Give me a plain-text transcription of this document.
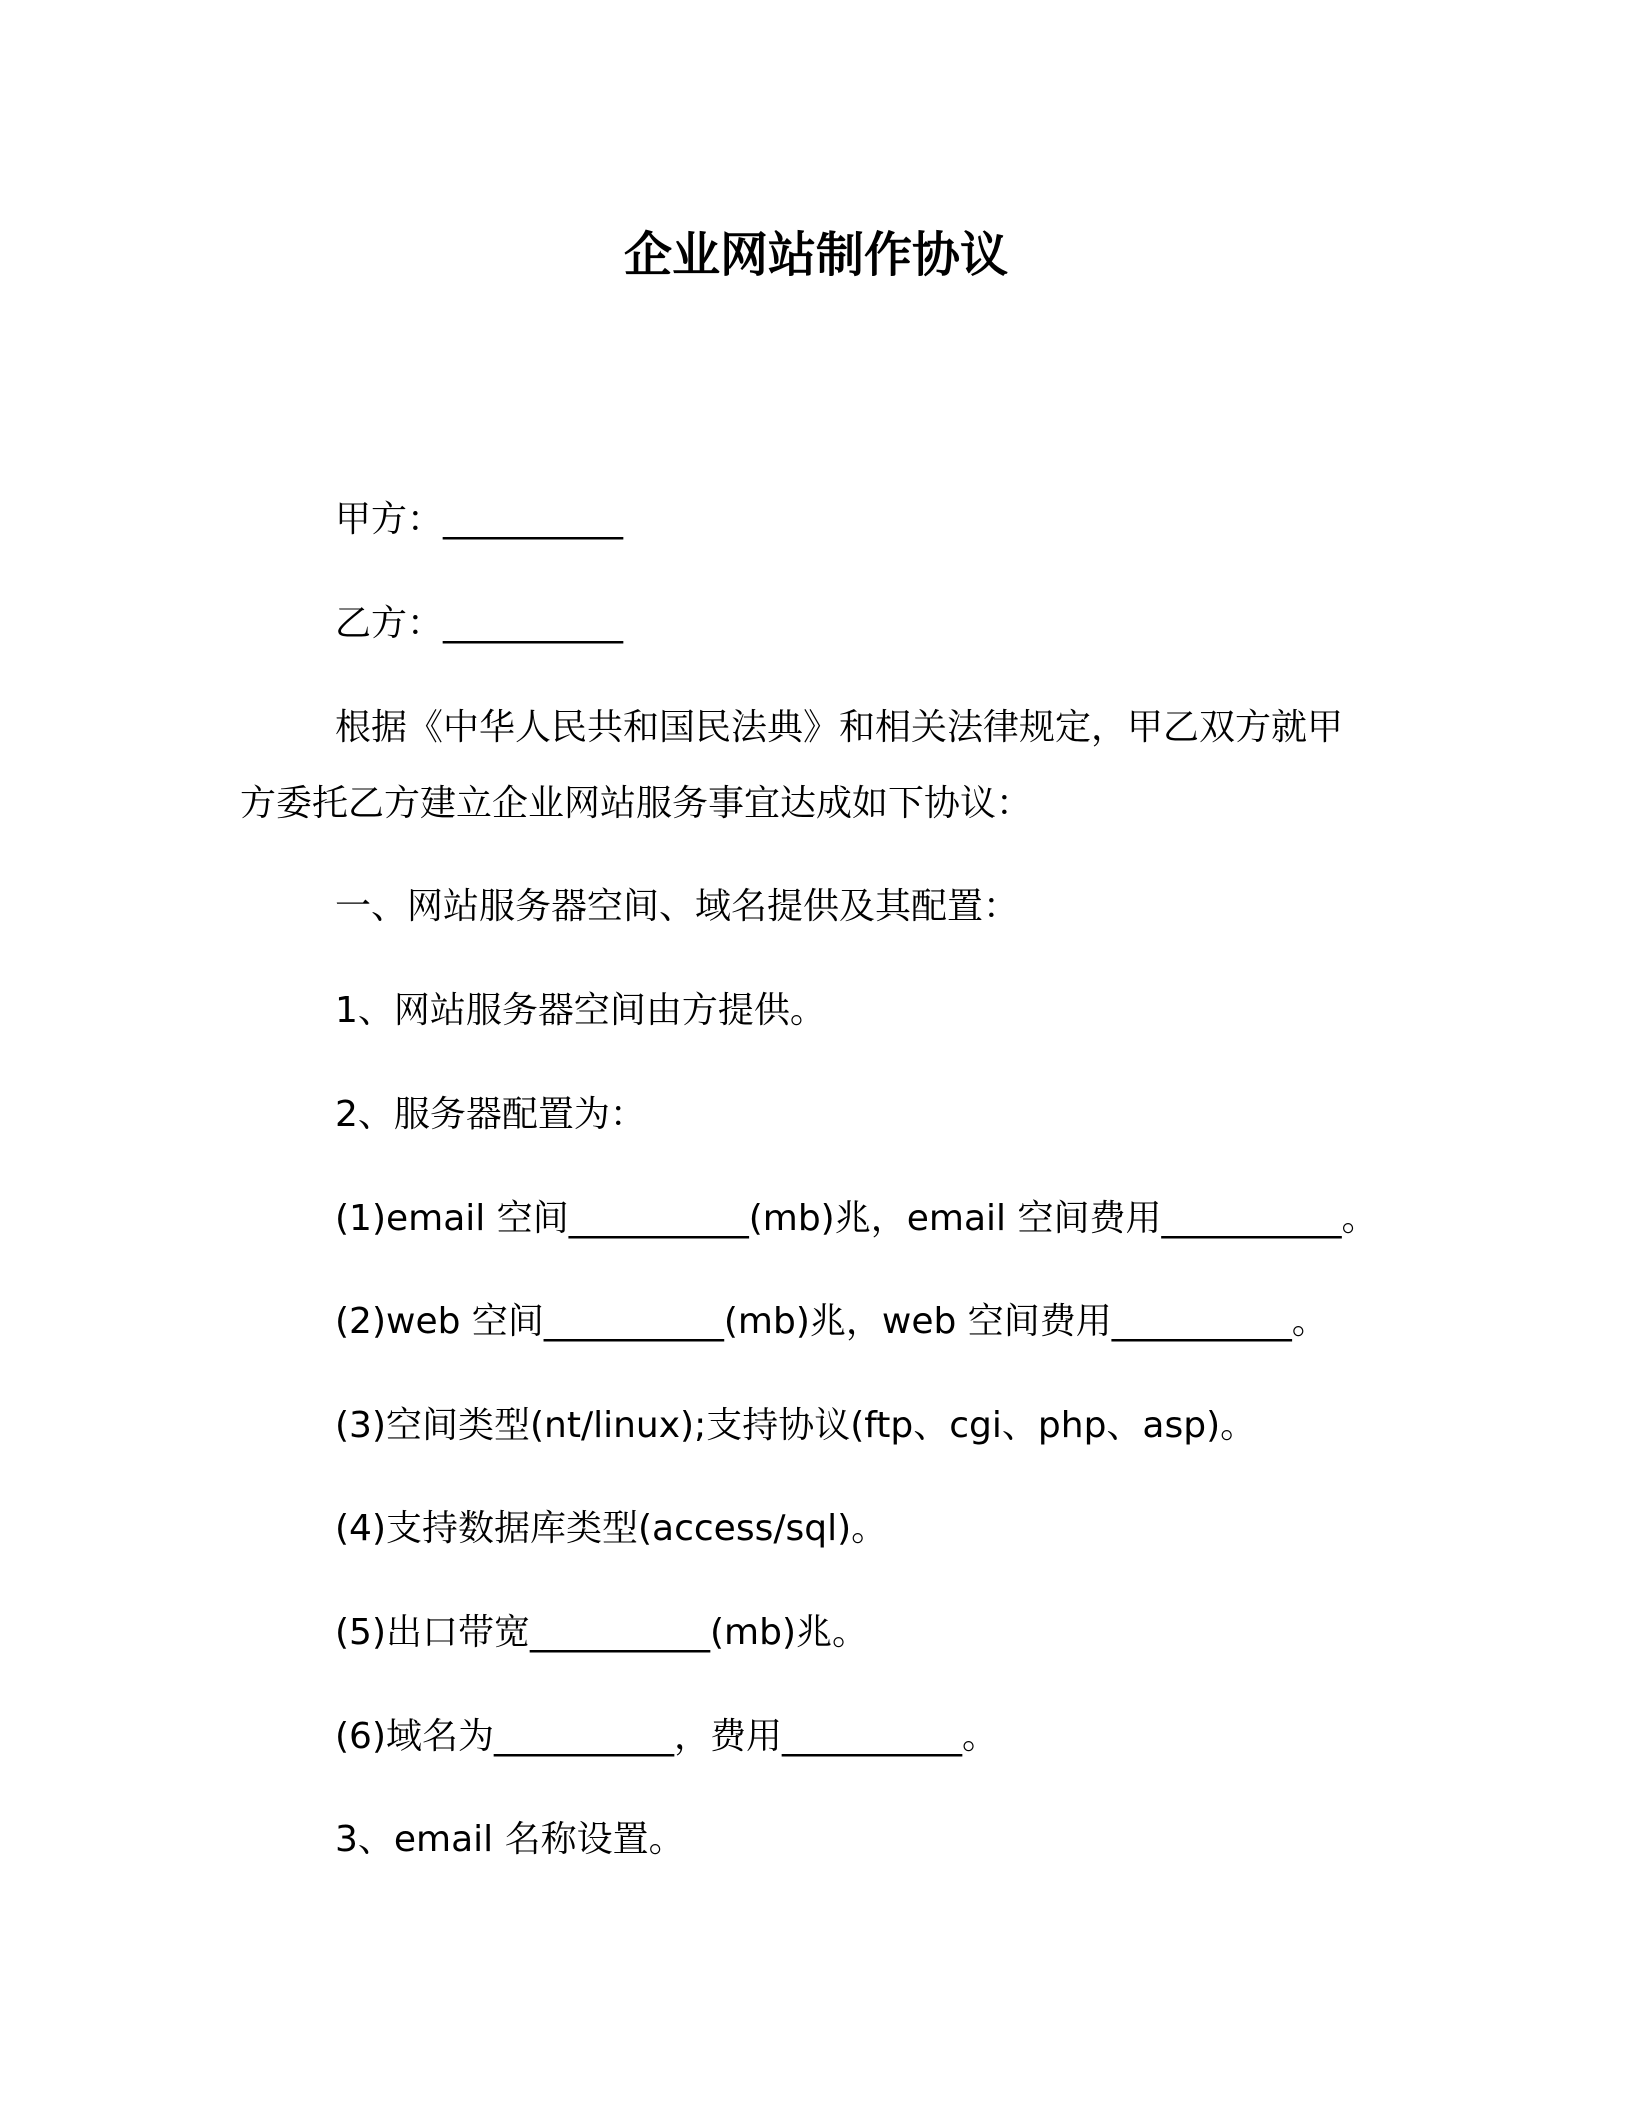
企业网站制作协议
甲方：__________
乙方：__________
根据《中华人民共和国民法典》和相关法律规定，甲乙双方就甲
方委托乙方建立企业网站服务事宜达成如下协议：
一、网站服务器空间、域名提供及其配置：
1、网站服务器空间由方提供。
2、服务器配置为：
(1)email 空间__________(mb)兆，email 空间费用__________。
(2)web 空间__________(mb)兆，web 空间费用__________。
(3)空间类型(nt/linux);支持协议(ftp、cgi、php、asp)。
(4)支持数据库类型(access/sql)。
(5)出口带宽__________(mb)兆。
(6)域名为__________，费用__________。
3、email 名称设置。
